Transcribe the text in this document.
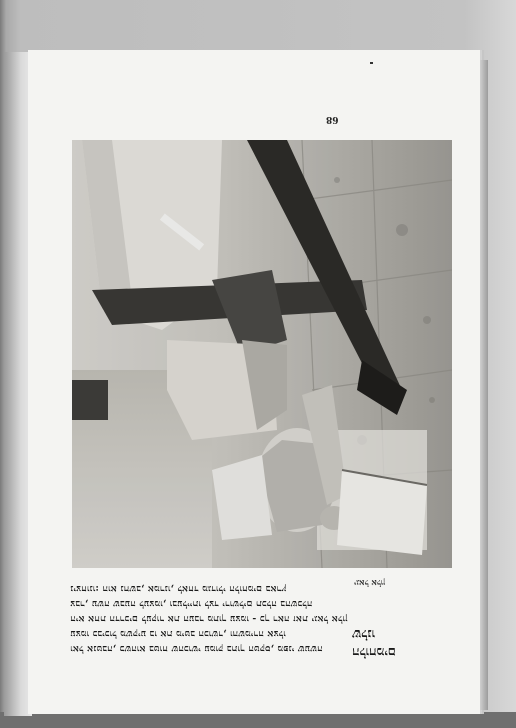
68

ואל אנטבה, כשהוא בטוח שהכושי עמוק בתוך הטקס, מפני שעשה

עצמו כביכול משקיע בו את מיטב הכושר, והשמירה אצלו

היא אחת הדרכים לעקור את העבר מתוך עצמו - כך ראה זאת יגאל אלון

צבר, עשה שבעה לעצמו, ובעלייתו לצד ירושלים תכלה בהשכלה

ניצחונו: הוא נחשב, אמרנו, לאחד מגדולי הלוחמים בארץ

יגאל אלון
הלוחמים
שלנו
